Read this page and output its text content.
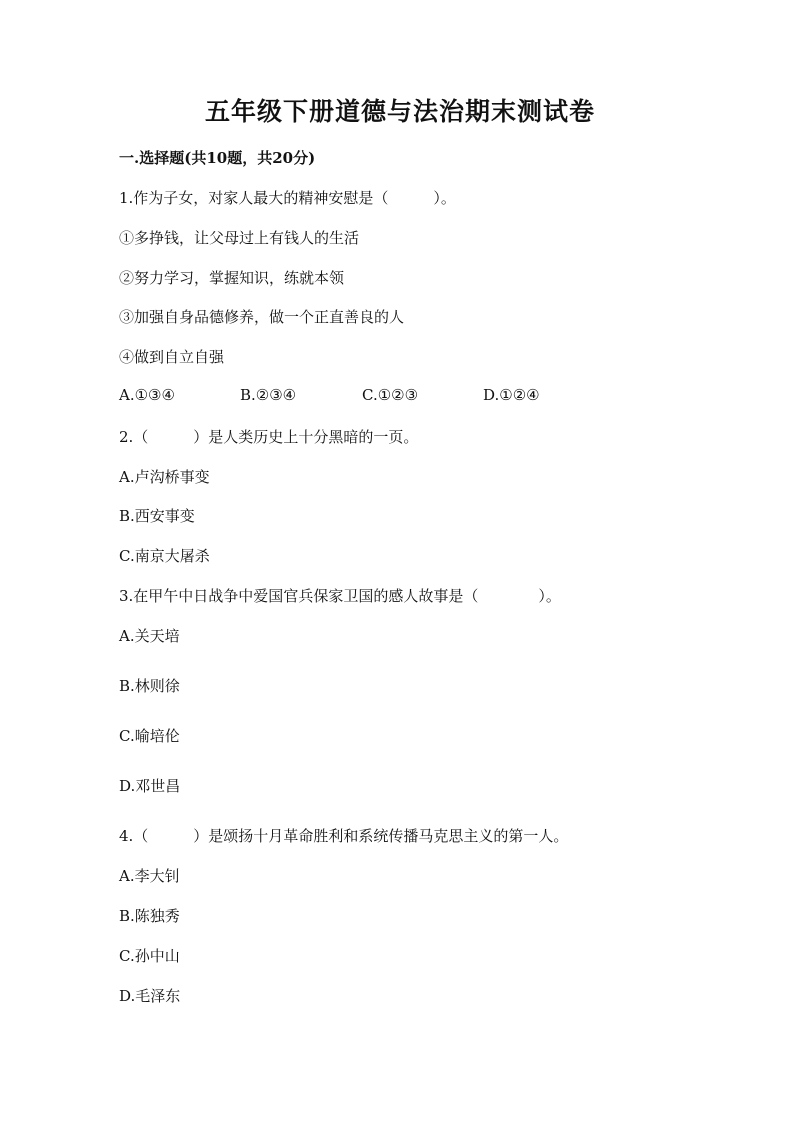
五年级下册道德与法治期末测试卷
一.选择题(共10题，共20分)
1.作为子女，对家人最大的精神安慰是（　　　）。
①多挣钱，让父母过上有钱人的生活
②努力学习，掌握知识，练就本领
③加强自身品德修养，做一个正直善良的人
④做到自立自强
A.①③④	B.②③④	C.①②③	D.①②④
2.（　　　）是人类历史上十分黑暗的一页。
A.卢沟桥事变
B.西安事变
C.南京大屠杀
3.在甲午中日战争中爱国官兵保家卫国的感人故事是（　　　　）。
A.关天培
B.林则徐
C.喻培伦
D.邓世昌
4.（　　　）是颂扬十月革命胜利和系统传播马克思主义的第一人。
A.李大钊
B.陈独秀
C.孙中山
D.毛泽东
